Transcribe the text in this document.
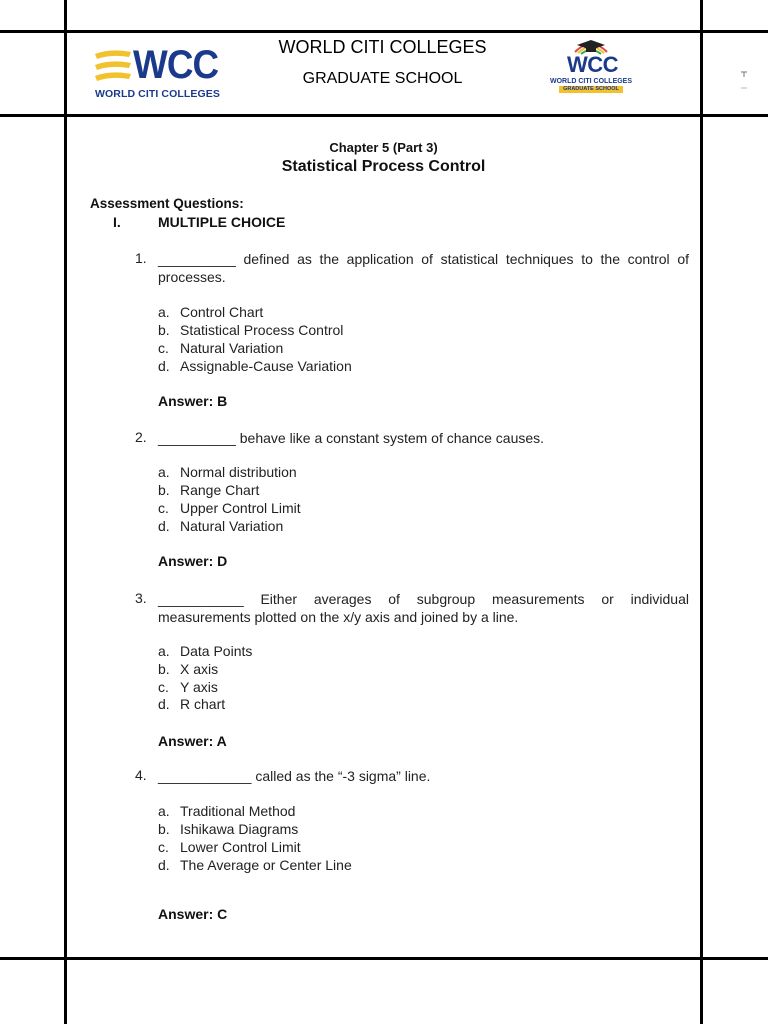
WCC
WORLD CITI COLLEGES
WORLD CITI COLLEGES
GRADUATE SCHOOL
WCC
WORLD CITI COLLEGES
GRADUATE SCHOOL
Chapter 5 (Part 3)
Statistical Process Control
Assessment Questions:
I.	MULTIPLE CHOICE
1. __________ defined as the application of statistical techniques to the control of processes.
a. Control Chart
b. Statistical Process Control
c. Natural Variation
d. Assignable-Cause Variation
Answer: B
2. __________ behave like a constant system of chance causes.
a. Normal distribution
b. Range Chart
c. Upper Control Limit
d. Natural Variation
Answer: D
3. ___________ Either averages of subgroup measurements or individual measurements plotted on the x/y axis and joined by a line.
a. Data Points
b. X axis
c. Y axis
d. R chart
Answer: A
4. ____________ called as the “-3 sigma” line.
a. Traditional Method
b. Ishikawa Diagrams
c. Lower Control Limit
d. The Average or Center Line
Answer: C
